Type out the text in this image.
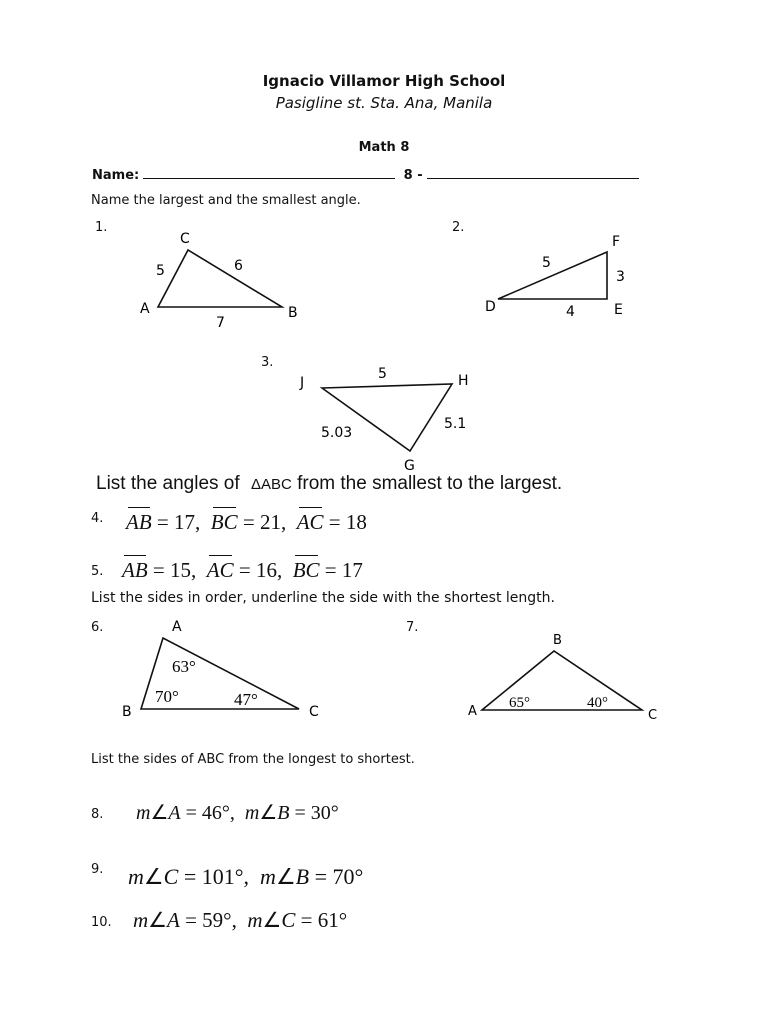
Ignacio Villamor High School
Pasigline st. Sta. Ana, Manila
Math 8
Name:	8 -
Name the largest and the smallest angle.
1.	2.
3.
C
A	B
5	6
7
F
D	E
5
3
4
J	H
G
5
5.03
5.1
List the angles of ΔABC from the smallest to the largest.
4. AB = 17,  BC = 21,  AC = 18
5. AB = 15,  AC = 16,  BC = 17
List the sides in order, underline the side with the shortest length.
6.	7.
A
B	C
63°
70°	47°
B
A	C
65°	40°
List the sides of ABC from the longest to shortest.
8. m∠A = 46°,  m∠B = 30°
9. m∠C = 101°,  m∠B = 70°
10. m∠A = 59°,  m∠C = 61°
